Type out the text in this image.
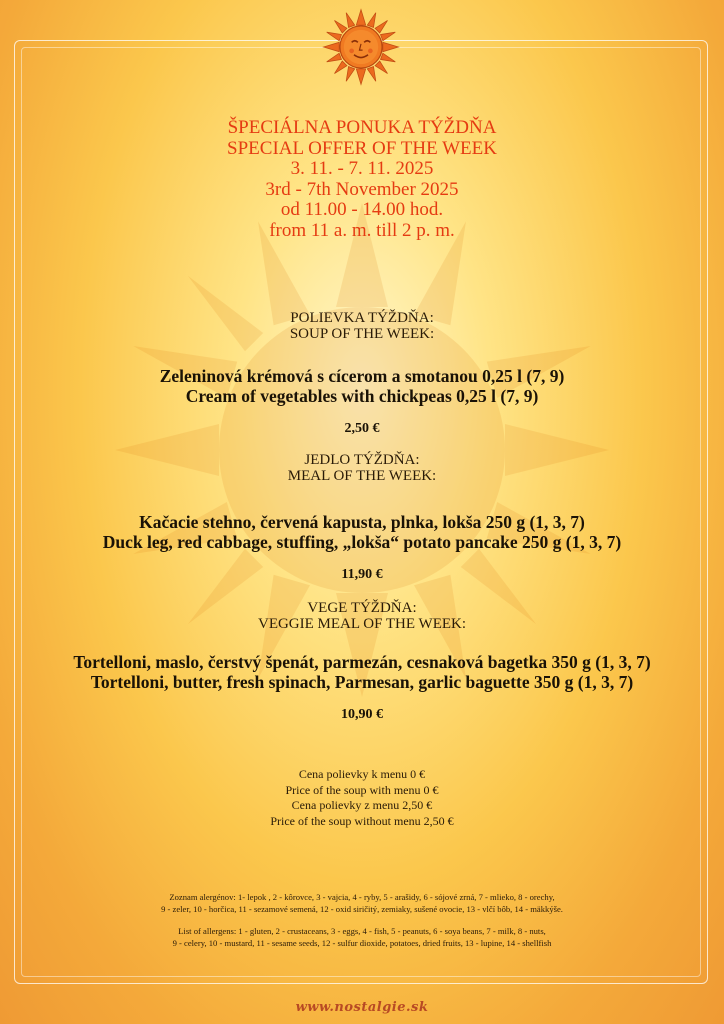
ŠPECIÁLNA PONUKA TÝŽDŇA
SPECIAL OFFER OF THE WEEK
3. 11. - 7. 11. 2025
3rd - 7th November 2025
od 11.00 - 14.00 hod.
from 11 a. m. till 2 p. m.
POLIEVKA TÝŽDŇA:
SOUP OF THE WEEK:
Zeleninová krémová s cícerom a smotanou 0,25 l (7, 9)
Cream of vegetables with chickpeas 0,25 l (7, 9)
2,50 €
JEDLO TÝŽDŇA:
MEAL OF THE WEEK:
Kačacie stehno, červená kapusta, plnka, lokša 250 g (1, 3, 7)
Duck leg, red cabbage, stuffing, „lokša“ potato pancake 250 g (1, 3, 7)
11,90 €
VEGE TÝŽDŇA:
VEGGIE MEAL OF THE WEEK:
Tortelloni, maslo, čerstvý špenát, parmezán, cesnaková bagetka 350 g (1, 3, 7)
Tortelloni, butter, fresh spinach, Parmesan, garlic baguette 350 g (1, 3, 7)
10,90 €
Cena polievky k menu 0 €
Price of the soup with menu 0 €
Cena polievky z menu 2,50 €
Price of the soup without menu 2,50 €
Zoznam alergénov: 1- lepok , 2 - kôrovce, 3 - vajcia, 4 - ryby, 5 - arašidy, 6 - sójové zrná, 7 - mlieko, 8 - orechy,
9 - zeler, 10 - horčica, 11 - sezamové semená, 12 - oxid siričitý, zemiaky, sušené ovocie, 13 - vlčí bôb, 14 - mäkkýše.
List of allergens: 1 - gluten, 2 - crustaceans, 3 - eggs, 4 - fish, 5 - peanuts, 6 - soya beans, 7 - milk, 8 - nuts,
9 - celery, 10 - mustard, 11 - sesame seeds, 12 - sulfur dioxide, potatoes, dried fruits, 13 - lupine, 14 - shellfish
www.nostalgie.sk
